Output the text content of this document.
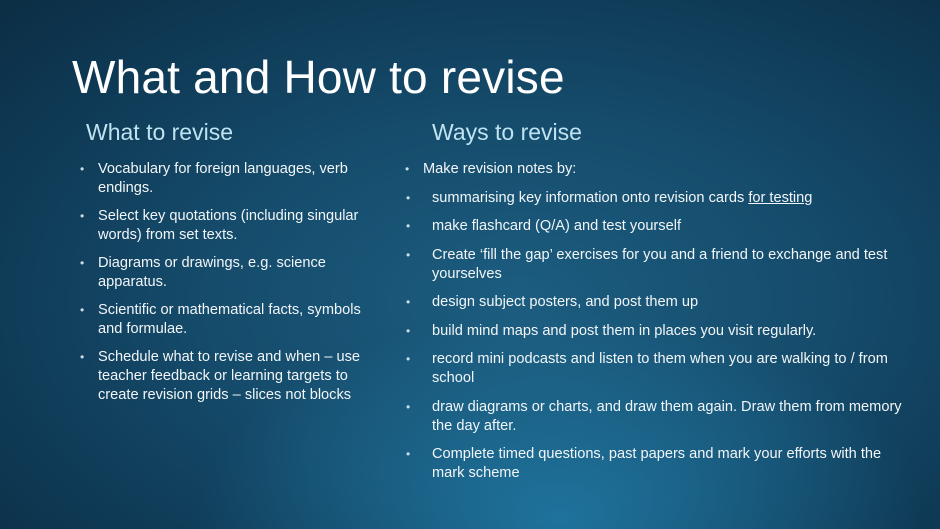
What and How to revise
What to revise
• Vocabulary for foreign languages, verb endings.
• Select key quotations (including singular words) from set texts.
• Diagrams or drawings, e.g. science apparatus.
• Scientific or mathematical facts, symbols and formulae.
• Schedule what to revise and when – use teacher feedback or learning targets to create revision grids – slices not blocks
Ways to revise
• Make revision notes by:
• summarising key information onto revision cards for testing
• make flashcard (Q/A) and test yourself
• Create ‘fill the gap’ exercises for you and a friend to exchange and test yourselves
• design subject posters, and post them up
• build mind maps and post them in places you visit regularly.
• record mini podcasts and listen to them when you are walking to / from school
• draw diagrams or charts, and draw them again. Draw them from memory the day after.
• Complete timed questions, past papers and mark your efforts with the mark scheme
